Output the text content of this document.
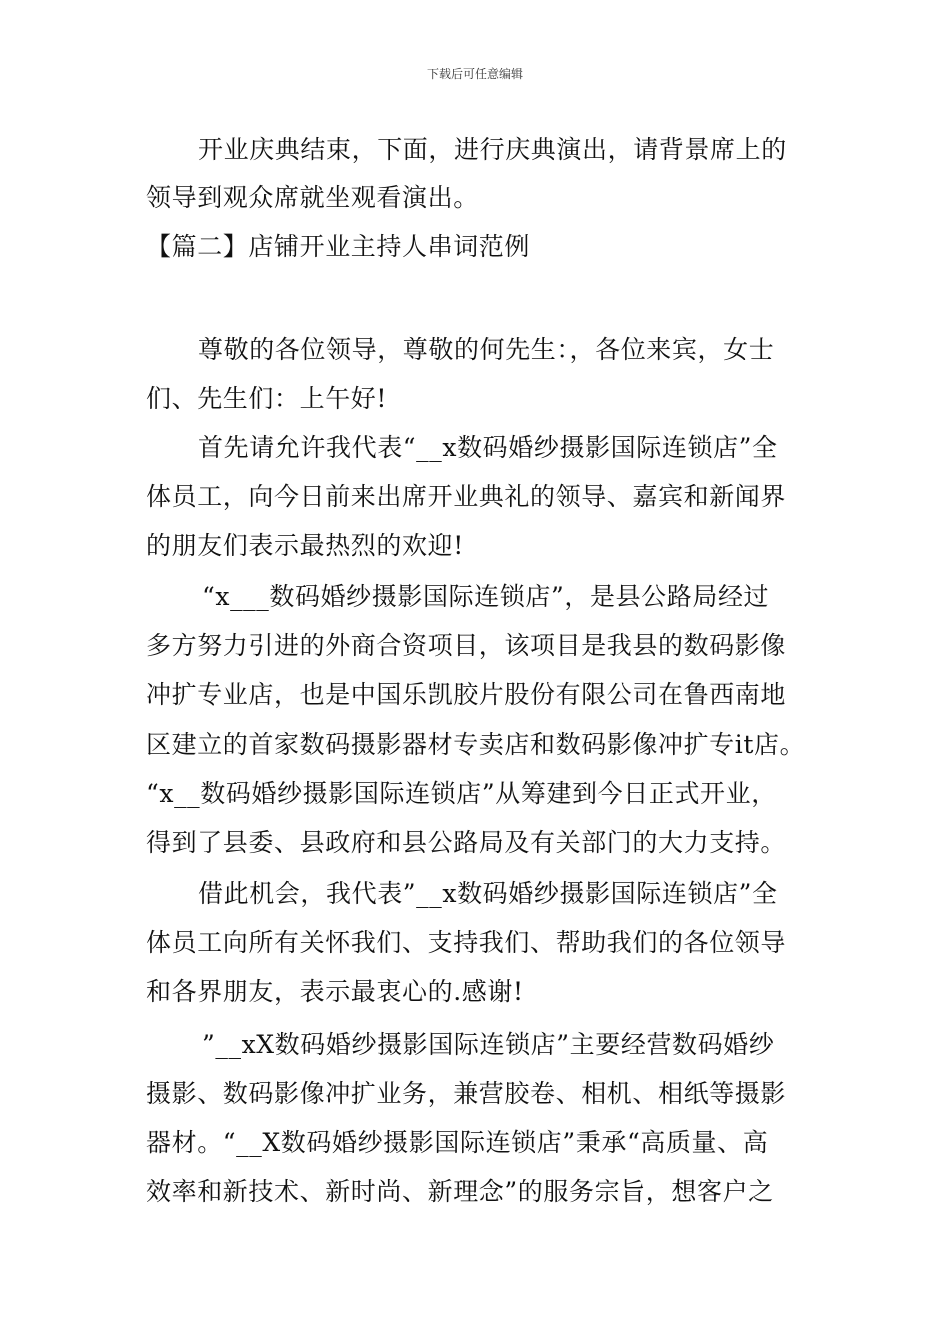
下载后可任意编辑
开业庆典结束，下面，进行庆典演出，请背景席上的
领导到观众席就坐观看演出。
【篇二】店铺开业主持人串词范例
尊敬的各位领导，尊敬的何先生：，各位来宾，女士
们、先生们：上午好!
首先请允许我代表“__x数码婚纱摄影国际连锁店”全
体员工，向今日前来出席开业典礼的领导、嘉宾和新闻界
的朋友们表示最热烈的欢迎!
“x___数码婚纱摄影国际连锁店”，是县公路局经过
多方努力引进的外商合资项目，该项目是我县的数码影像
冲扩专业店，也是中国乐凯胶片股份有限公司在鲁西南地
区建立的首家数码摄影器材专卖店和数码影像冲扩专it店。
“x__数码婚纱摄影国际连锁店”从筹建到今日正式开业，
得到了县委、县政府和县公路局及有关部门的大力支持。
借此机会，我代表”__x数码婚纱摄影国际连锁店”全
体员工向所有关怀我们、支持我们、帮助我们的各位领导
和各界朋友，表示最衷心的.感谢!
”__xX数码婚纱摄影国际连锁店”主要经营数码婚纱
摄影、数码影像冲扩业务，兼营胶卷、相机、相纸等摄影
器材。“__X数码婚纱摄影国际连锁店”秉承“高质量、高
效率和新技术、新时尚、新理念”的服务宗旨，想客户之
